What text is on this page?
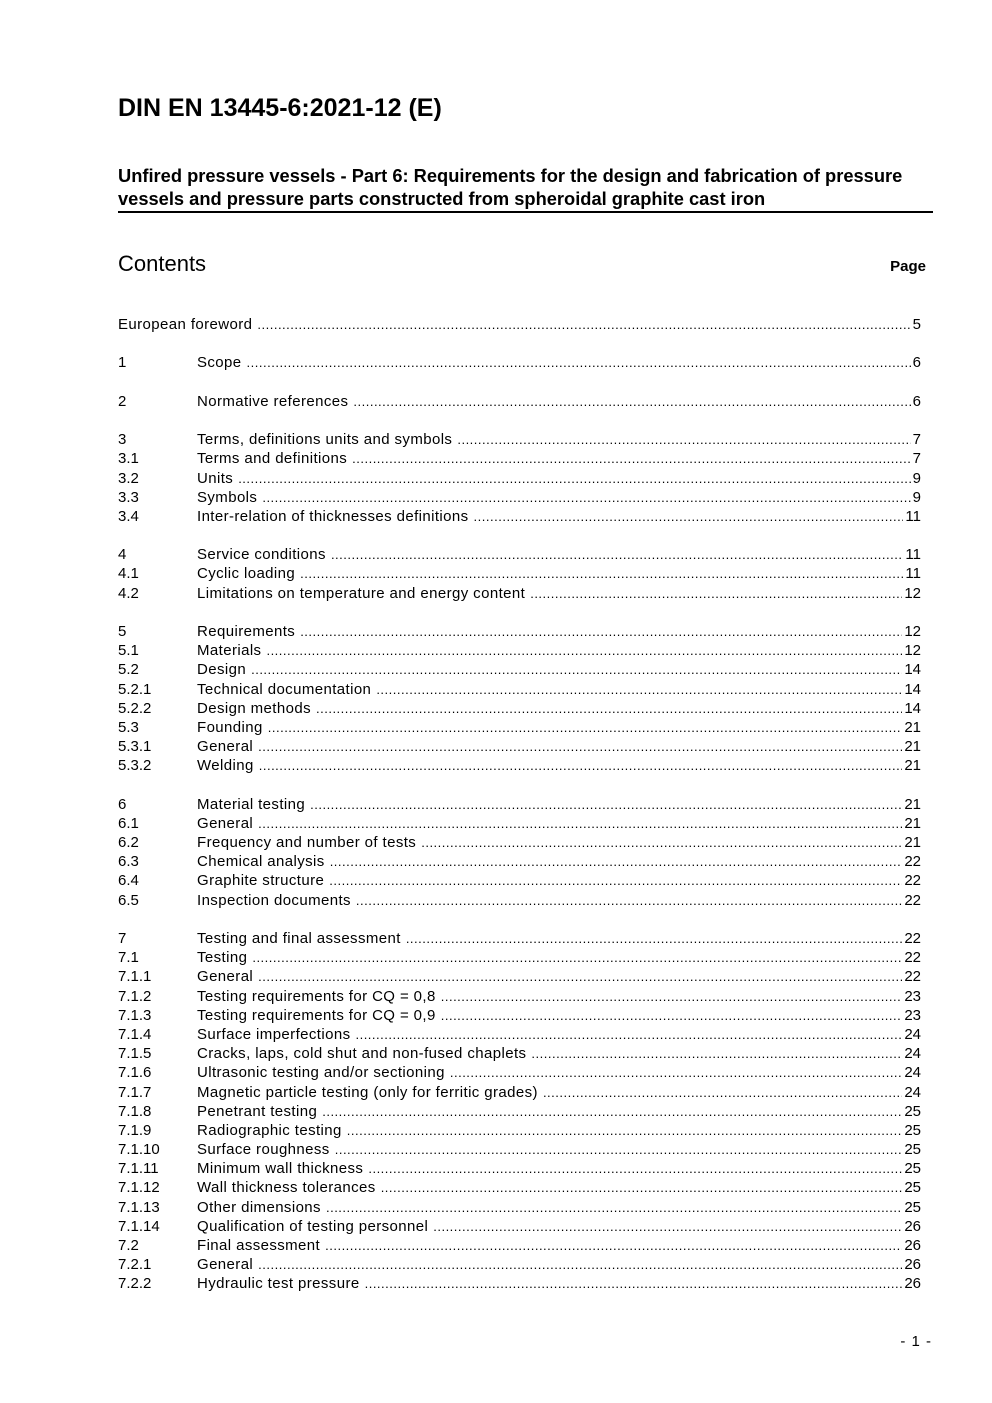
DIN EN 13445-6:2021-12 (E)
Unfired pressure vessels - Part 6: Requirements for the design and fabrication of pressure vessels and pressure parts constructed from spheroidal graphite cast iron
Contents	Page
European foreword .....	5
1	Scope .....	6
2	Normative references .....	6
3	Terms, definitions units and symbols .....	7
3.1	Terms and definitions .....	7
3.2	Units .....	9
3.3	Symbols .....	9
3.4	Inter-relation of thicknesses definitions .....	11
4	Service conditions .....	11
4.1	Cyclic loading .....	11
4.2	Limitations on temperature and energy content .....	12
5	Requirements .....	12
5.1	Materials .....	12
5.2	Design .....	14
5.2.1	Technical documentation .....	14
5.2.2	Design methods .....	14
5.3	Founding .....	21
5.3.1	General .....	21
5.3.2	Welding .....	21
6	Material testing .....	21
6.1	General .....	21
6.2	Frequency and number of tests .....	21
6.3	Chemical analysis .....	22
6.4	Graphite structure .....	22
6.5	Inspection documents .....	22
7	Testing and final assessment .....	22
7.1	Testing .....	22
7.1.1	General .....	22
7.1.2	Testing requirements for CQ = 0,8 .....	23
7.1.3	Testing requirements for CQ = 0,9 .....	23
7.1.4	Surface imperfections .....	24
7.1.5	Cracks, laps, cold shut and non-fused chaplets .....	24
7.1.6	Ultrasonic testing and/or sectioning .....	24
7.1.7	Magnetic particle testing (only for ferritic grades) .....	24
7.1.8	Penetrant testing .....	25
7.1.9	Radiographic testing .....	25
7.1.10	Surface roughness .....	25
7.1.11	Minimum wall thickness .....	25
7.1.12	Wall thickness tolerances .....	25
7.1.13	Other dimensions .....	25
7.1.14	Qualification of testing personnel .....	26
7.2	Final assessment .....	26
7.2.1	General .....	26
7.2.2	Hydraulic test pressure .....	26
- 1 -
